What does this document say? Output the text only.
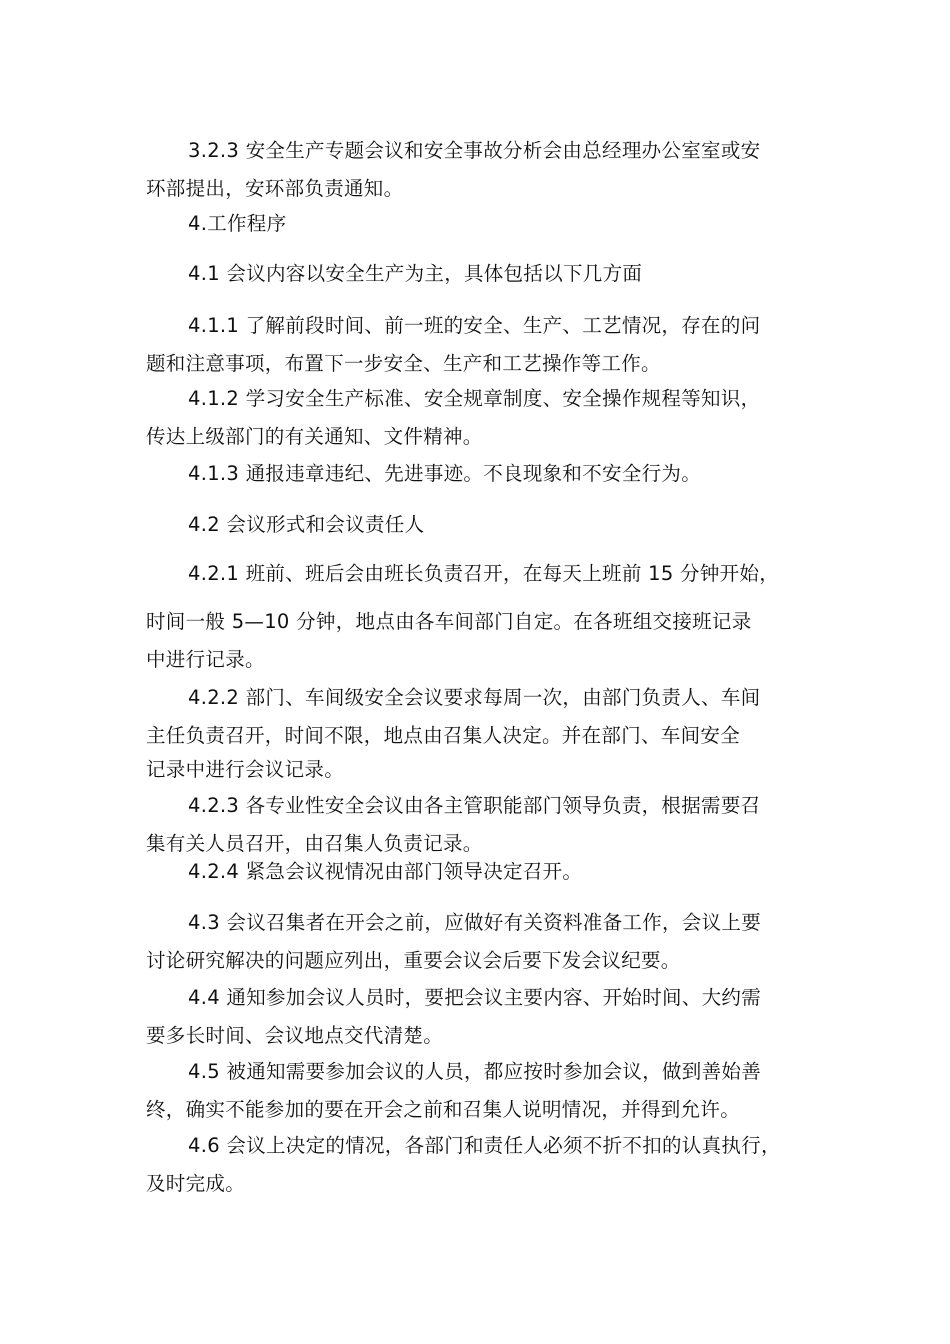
3.2.3 安全生产专题会议和安全事故分析会由总经理办公室室或安
环部提出，安环部负责通知。
4.工作程序
4.1 会议内容以安全生产为主，具体包括以下几方面
4.1.1 了解前段时间、前一班的安全、生产、工艺情况，存在的问
题和注意事项，布置下一步安全、生产和工艺操作等工作。
4.1.2 学习安全生产标准、安全规章制度、安全操作规程等知识，
传达上级部门的有关通知、文件精神。
4.1.3 通报违章违纪、先进事迹。不良现象和不安全行为。
4.2 会议形式和会议责任人
4.2.1 班前、班后会由班长负责召开，在每天上班前 15 分钟开始，
时间一般 5—10 分钟，地点由各车间部门自定。在各班组交接班记录
中进行记录。
4.2.2 部门、车间级安全会议要求每周一次，由部门负责人、车间
主任负责召开，时间不限，地点由召集人决定。并在部门、车间安全
记录中进行会议记录。
4.2.3 各专业性安全会议由各主管职能部门领导负责，根据需要召
集有关人员召开，由召集人负责记录。
4.2.4 紧急会议视情况由部门领导决定召开。
4.3 会议召集者在开会之前，应做好有关资料准备工作，会议上要
讨论研究解决的问题应列出，重要会议会后要下发会议纪要。
4.4 通知参加会议人员时，要把会议主要内容、开始时间、大约需
要多长时间、会议地点交代清楚。
4.5 被通知需要参加会议的人员，都应按时参加会议，做到善始善
终，确实不能参加的要在开会之前和召集人说明情况，并得到允许。
4.6 会议上决定的情况，各部门和责任人必须不折不扣的认真执行，
及时完成。
